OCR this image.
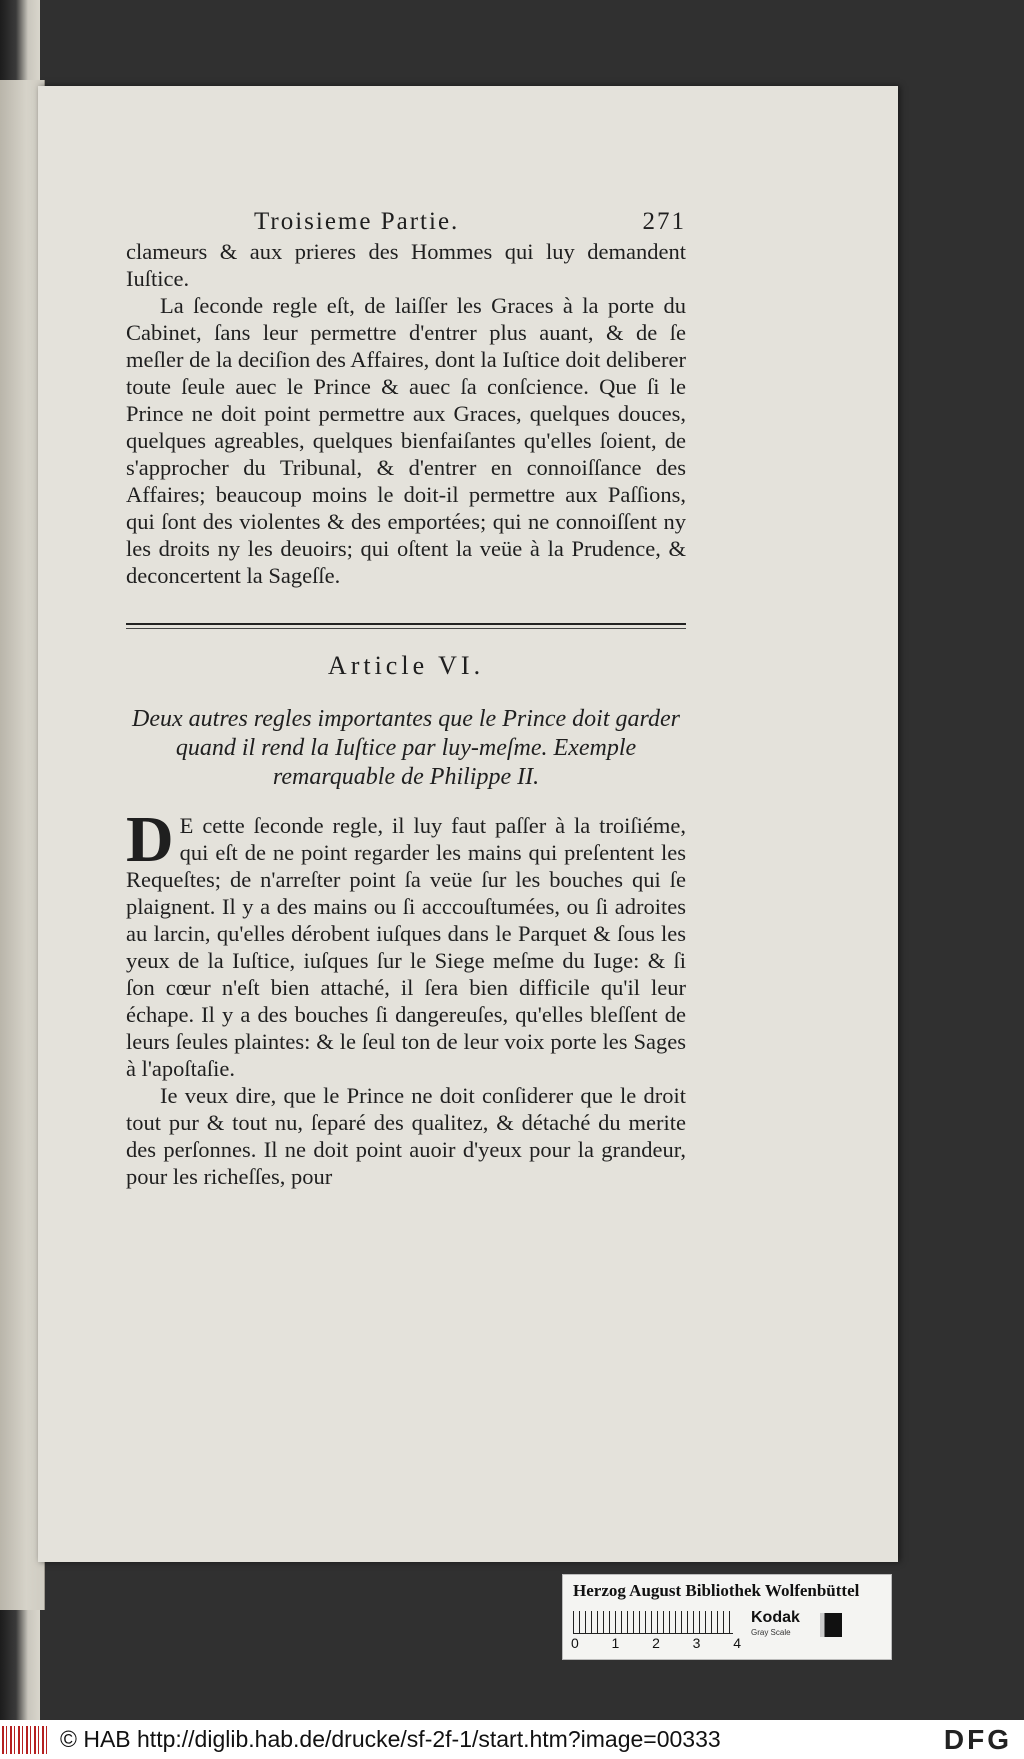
Troisieme Partie.	271

clameurs & aux prieres des Hommes qui luy demandent Iuſtice.

La ſeconde regle eſt, de laiſſer les Graces à la porte du Cabinet, ſans leur permettre d'entrer plus auant, & de ſe meſler de la deciſion des Affaires, dont la Iuſtice doit deliberer toute ſeule auec le Prince & auec ſa conſcience. Que ſi le Prince ne doit point permettre aux Graces, quelques douces, quelques agreables, quelques bienfaiſantes qu'elles ſoient, de s'approcher du Tribunal, & d'entrer en connoiſſance des Affaires; beaucoup moins le doit-il permettre aux Paſſions, qui ſont des violentes & des emportées; qui ne connoiſſent ny les droits ny les deuoirs; qui oſtent la veüe à la Prudence, & deconcertent la Sageſſe.

Article VI.
Deux autres regles importantes que le Prince doit garder quand il rend la Iuſtice par luy-meſme. Exemple remarquable de Philippe II.

D E cette ſeconde regle, il luy faut paſſer à la troiſiéme, qui eſt de ne point regarder les mains qui preſentent les Requeſtes; de n'arreſter point ſa veüe ſur les bouches qui ſe plaignent. Il y a des mains ou ſi acccouſtumées, ou ſi adroites au larcin, qu'elles dérobent iuſques dans le Parquet & ſous les yeux de la Iuſtice, iuſques ſur le Siege meſme du Iuge: & ſi ſon cœur n'eſt bien attaché, il ſera bien difficile qu'il leur échape. Il y a des bouches ſi dangereuſes, qu'elles bleſſent de leurs ſeules plaintes: & le ſeul ton de leur voix porte les Sages à l'apoſtaſie.

Ie veux dire, que le Prince ne doit conſiderer que le droit tout pur & tout nu, ſeparé des qualitez, & détaché du merite des perſonnes. Il ne doit point auoir d'yeux pour la grandeur, pour les richeſſes, pour

Herzog August Bibliothek Wolfenbüttel
0 1 2 3 4
Kodak
Gray Scale
© HAB http://diglib.hab.de/drucke/sf-2f-1/start.htm?image=00333	DFG
